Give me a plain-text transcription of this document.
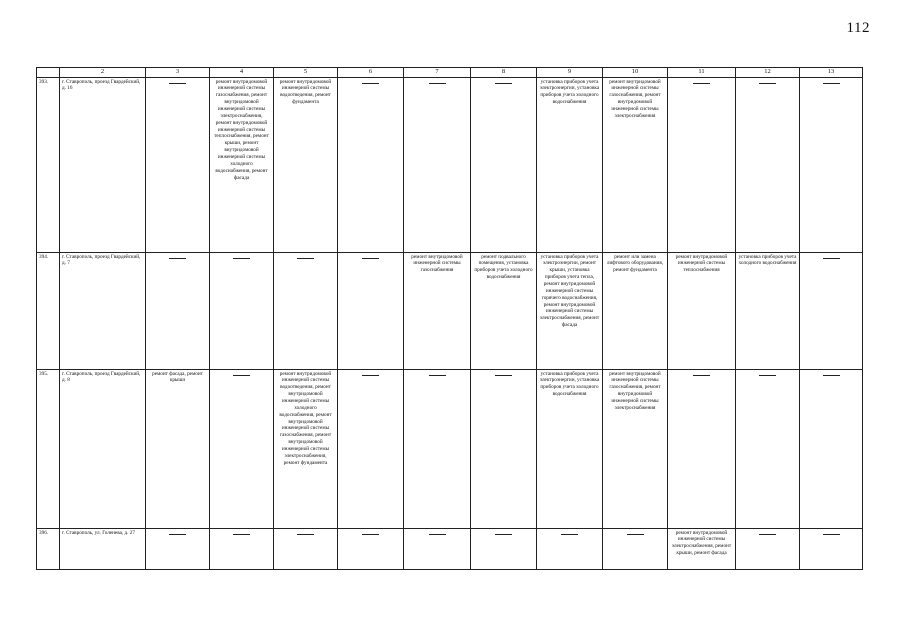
112
	2	3	4	5	6	7	8	9	10	11	12	13
393.	г. Ставрополь, проезд Гвардейский, д. 16		ремонт внутридомовой инженерной системы газоснабжения, ремонт внутридомовой инженерной системы электроснабжения, ремонт внутридомовой инженерной системы теплоснабжения, ремонт крыши, ремонт внутридомовой инженерной системы холодного водоснабжения, ремонт фасада	ремонт внутридомовой инженерной системы водоотведения, ремонт фундамента				установка приборов учета электроэнергии, установка приборов учета холодного водоснабжения	ремонт внутридомовой инженерной системы газоснабжения, ремонт внутридомовой инженерной системы электроснабжения			
394.	г. Ставрополь, проезд Гвардейский, д. 7					ремонт внутридомовой инженерной системы газоснабжения	ремонт подвального помещения, установка приборов учета холодного водоснабжения	установка приборов учета электроэнергии, ремонт крыши, установка приборов учета тепла, ремонт внутридомовой инженерной системы горячего водоснабжения, ремонт внутридомовой инженерной системы электроснабжения, ремонт фасада	ремонт или замена лифтового оборудования, ремонт фундамента	ремонт внутридомовой инженерной системы теплоснабжения	установка приборов учета холодного водоснабжения	
395.	г. Ставрополь, проезд Гвардейский, д. 8	ремонт фасада, ремонт крыши		ремонт внутридомовой инженерной системы водоотведения, ремонт внутридомовой инженерной системы холодного водоснабжения, ремонт внутридомовой инженерной системы газоснабжения, ремонт внутридомовой инженерной системы электроснабжения, ремонт фундамента				установка приборов учета электроэнергии, установка приборов учета холодного водоснабжения	ремонт внутридомовой инженерной системы газоснабжения, ремонт внутридомовой инженерной системы электроснабжения			
396.	г. Ставрополь, ул. Голенева, д. 27									ремонт внутридомовой инженерной системы электроснабжения, ремонт крыши, ремонт фасада		
